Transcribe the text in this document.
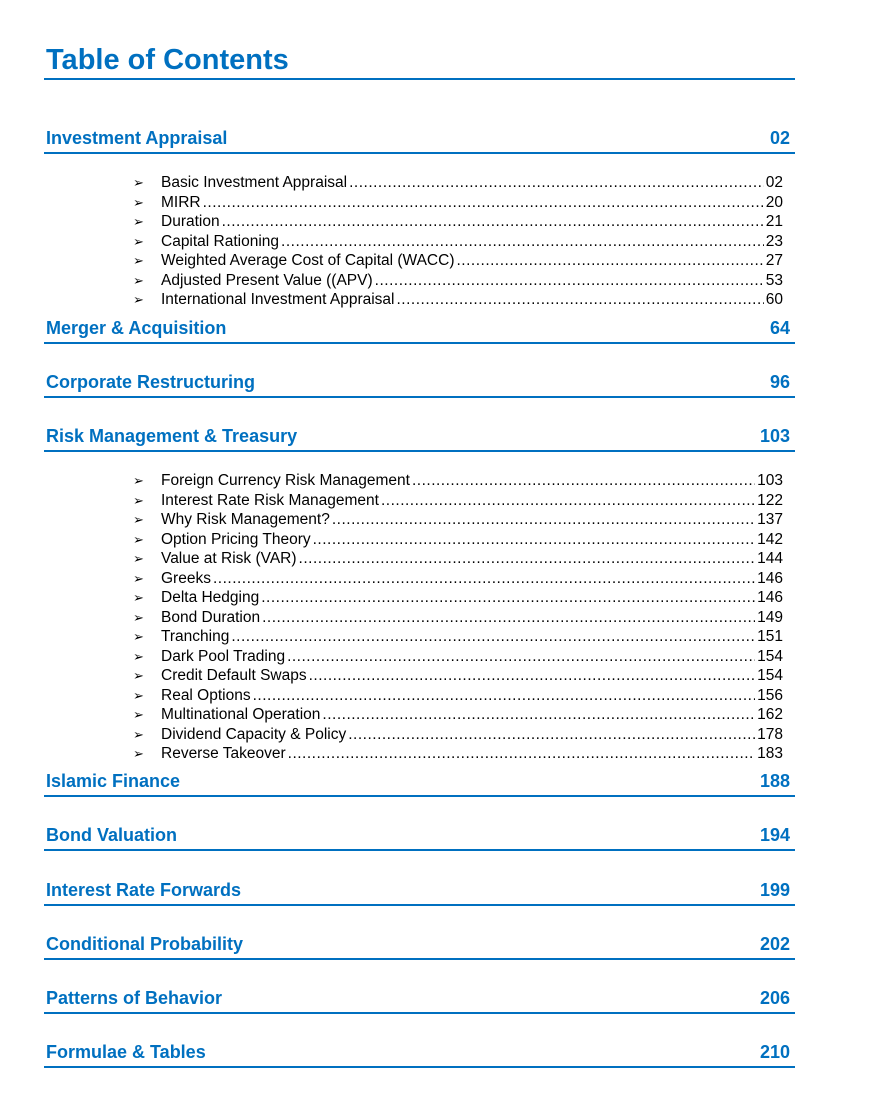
Table of Contents
Investment Appraisal	02
➢	Basic Investment Appraisal .....	02
➢	MIRR .....	20
➢	Duration .....	21
➢	Capital Rationing .....	23
➢	Weighted Average Cost of Capital (WACC) .....	27
➢	Adjusted Present Value ((APV) .....	53
➢	International Investment Appraisal .....	60
Merger & Acquisition	64
Corporate Restructuring	96
Risk Management & Treasury	103
➢	Foreign Currency Risk Management .....	103
➢	Interest Rate Risk Management .....	122
➢	Why Risk Management? .....	137
➢	Option Pricing Theory .....	142
➢	Value at Risk (VAR) .....	144
➢	Greeks .....	146
➢	Delta Hedging .....	146
➢	Bond Duration .....	149
➢	Tranching .....	151
➢	Dark Pool Trading .....	154
➢	Credit Default Swaps .....	154
➢	Real Options .....	156
➢	Multinational Operation .....	162
➢	Dividend Capacity & Policy .....	178
➢	Reverse Takeover .....	183
Islamic Finance	188
Bond Valuation	194
Interest Rate Forwards	199
Conditional Probability	202
Patterns of Behavior	206
Formulae & Tables	210
